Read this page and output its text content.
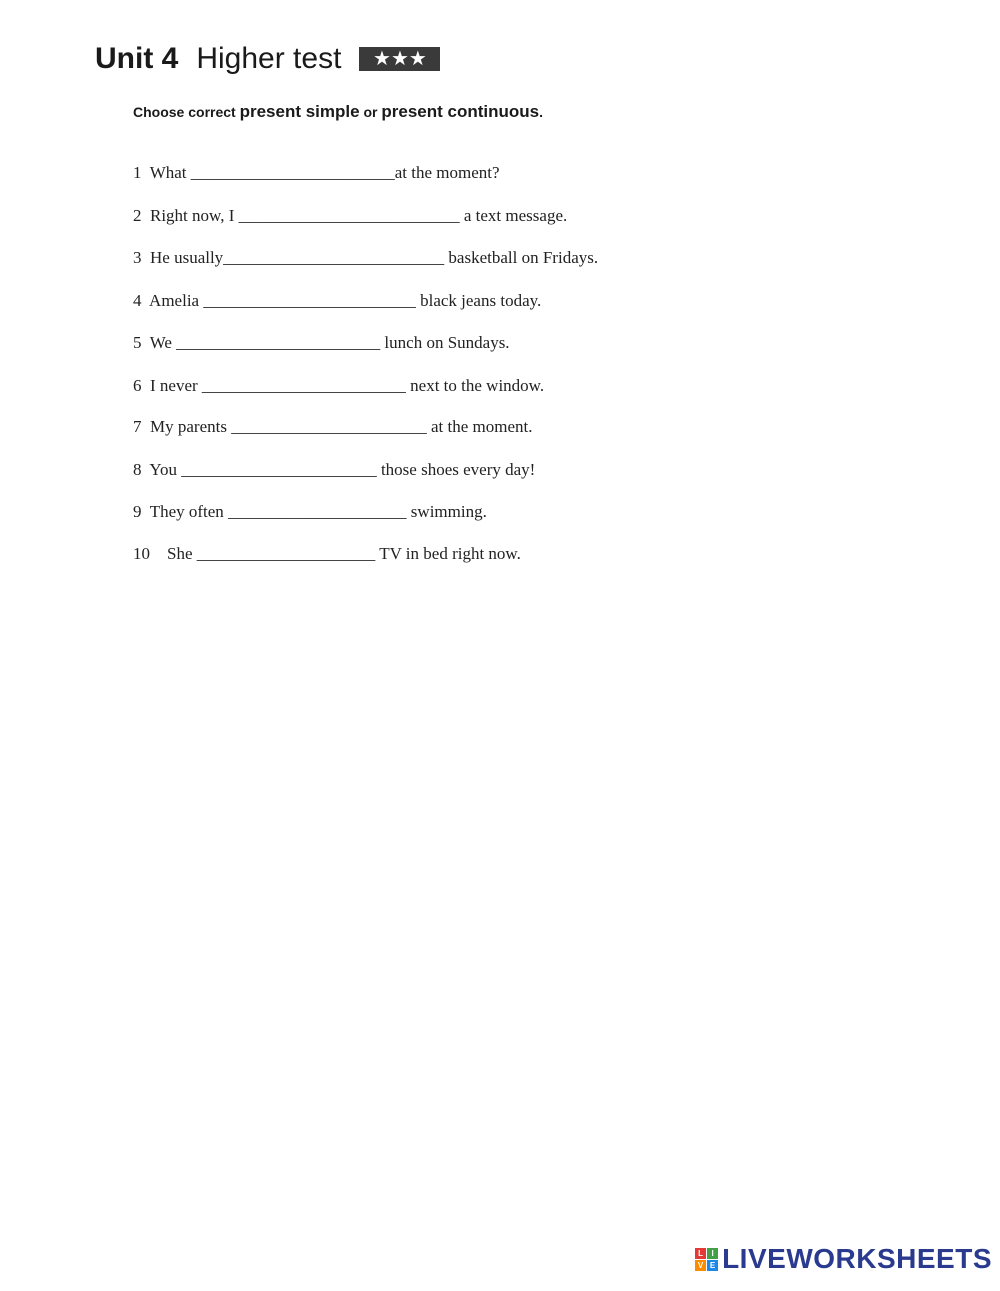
Unit 4 Higher test	★★★
Choose correct present simple or present continuous.
1  What ________________________at the moment?
2  Right now, I __________________________ a text message.
3  He usually__________________________ basketball on Fridays.
4  Amelia _________________________ black jeans today.
5  We ________________________ lunch on Sundays.
6  I never ________________________ next to the window.
7  My parents _______________________ at the moment.
8  You _______________________ those shoes every day!
9  They often _____________________ swimming.
10    She _____________________ TV in bed right now.
L	I
V E LIVEWORKSHEETS
